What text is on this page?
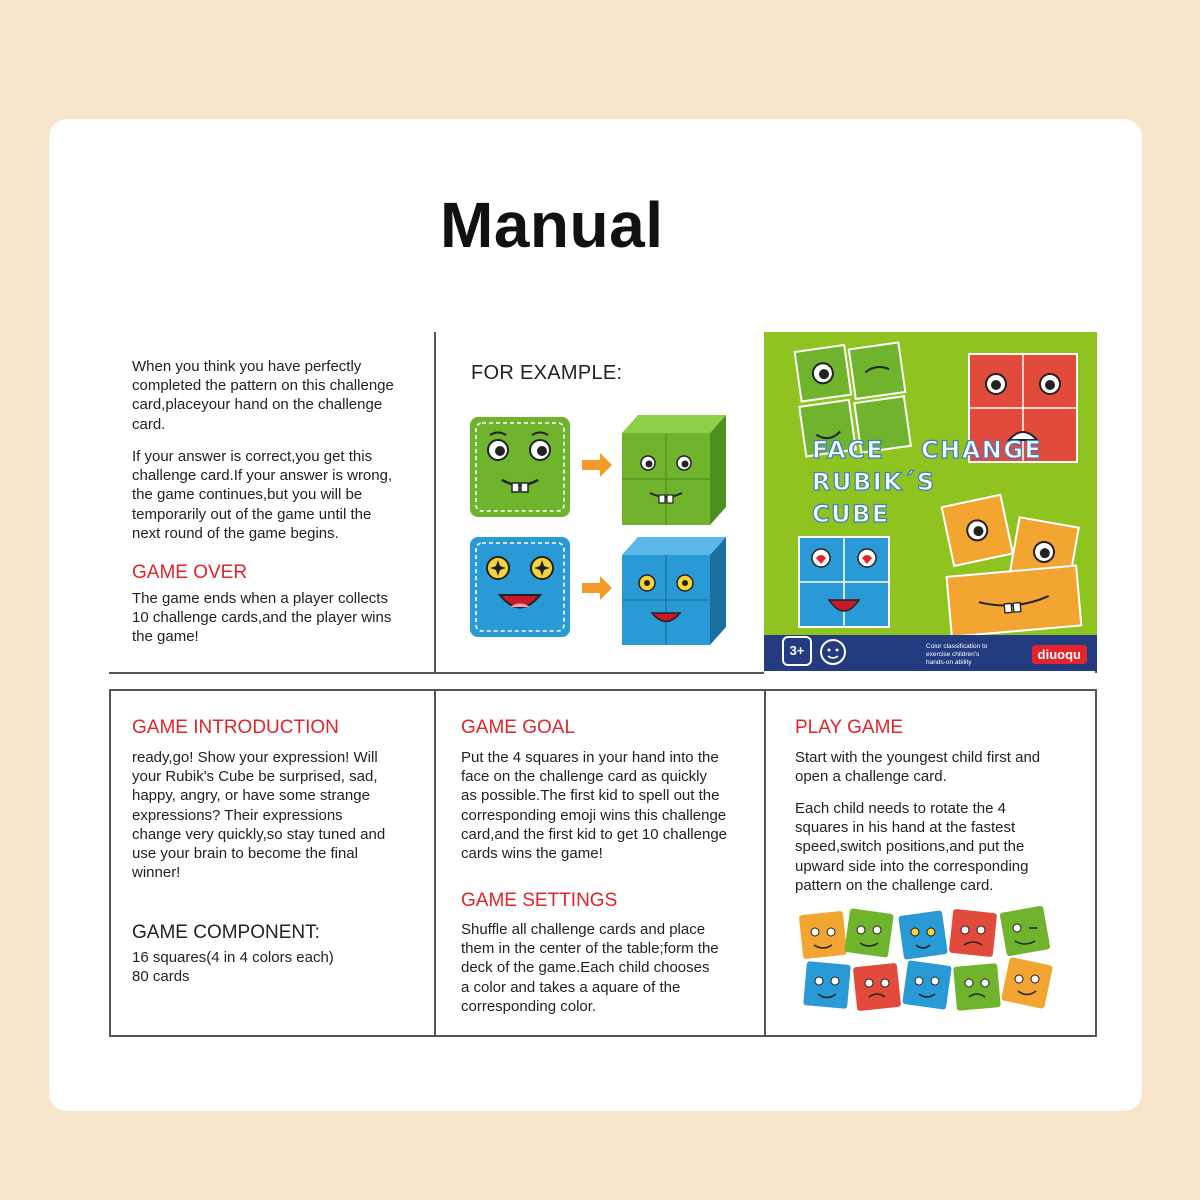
Manual
When you think you have perfectly
completed the pattern on this challenge
card,placeyour hand on the challenge
card.
If your answer is correct,you get this
challenge card.If your answer is wrong,
the game continues,but you will be
temporarily out of the game until the
next round of the game begins.
GAME OVER
The game ends when a player collects
10 challenge cards,and the player wins
the game!
FOR EXAMPLE:
FACE CHANGE
RUBIK´S
CUBE
3+	Color classification to
exercise children's
hands-on ability
diuoqu
GAME INTRODUCTION
ready,go! Show your expression! Will
your Rubik's Cube be surprised, sad,
happy, angry, or have some strange
expressions? Their expressions
change very quickly,so stay tuned and
use your brain to become the final
winner!
GAME COMPONENT:
16 squares(4 in 4 colors each)
80 cards
GAME GOAL
Put the 4 squares in your hand into the
face on the challenge card as quickly
as possible.The first kid to spell out the
corresponding emoji wins this challenge
card,and the first kid to get 10 challenge
cards wins the game!
GAME SETTINGS
Shuffle all challenge cards and place
them in the center of the table;form the
deck of the game.Each child chooses
a color and takes a aquare of the
corresponding color.
PLAY GAME
Start with the youngest child first and
open a challenge card.
Each child needs to rotate the 4
squares in his hand at the fastest
speed,switch positions,and put the
upward side into the corresponding
pattern on the challenge card.
